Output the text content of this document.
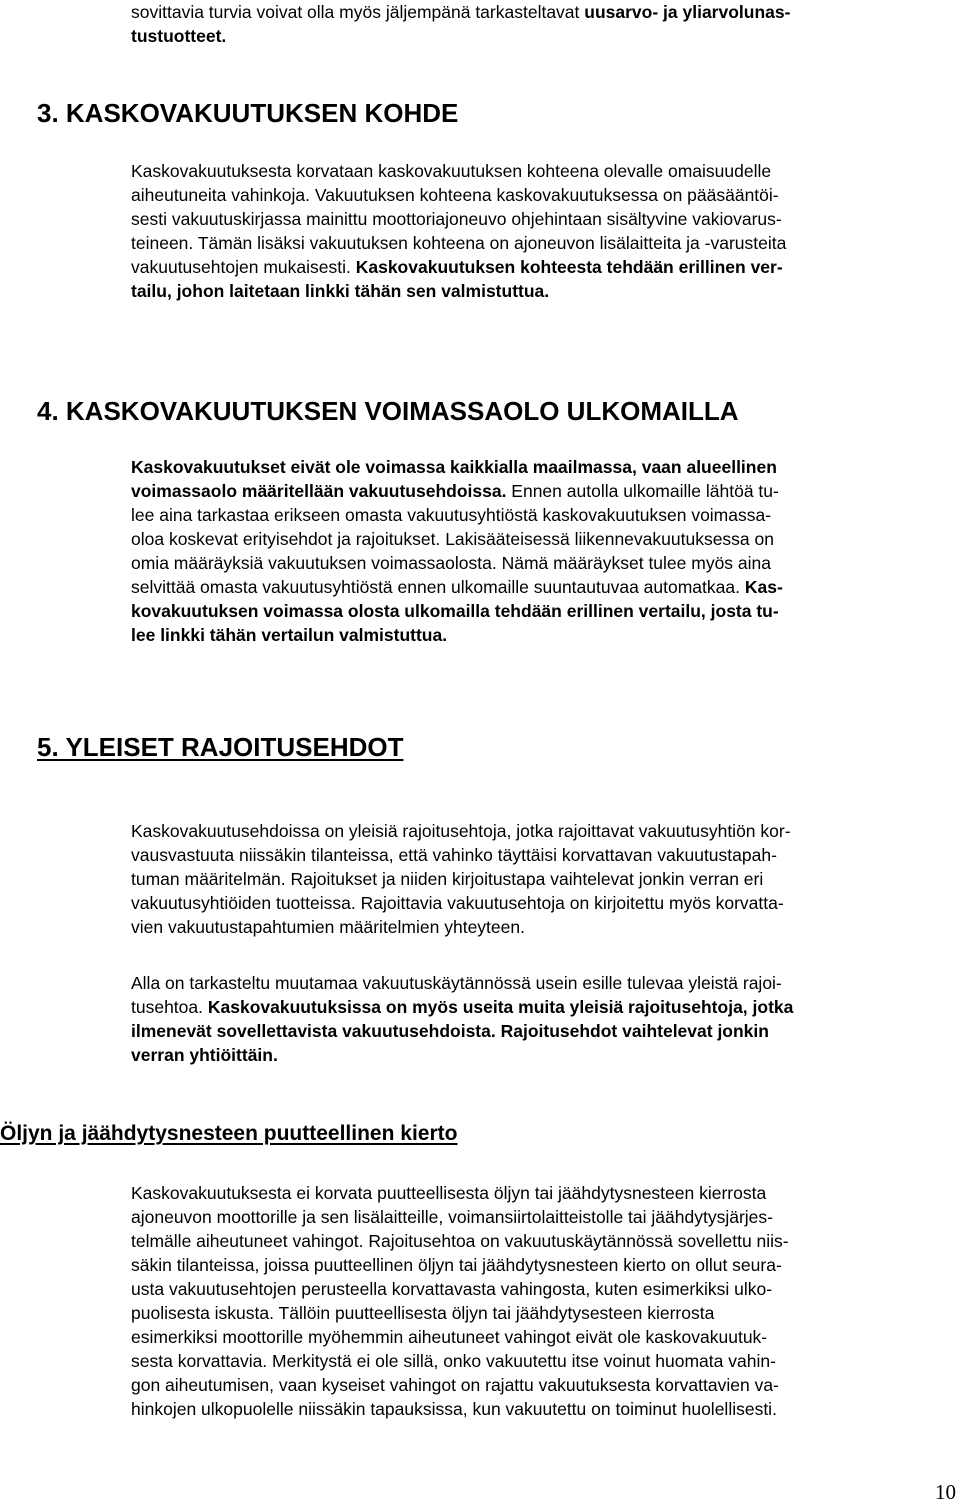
sovittavia turvia voivat olla myös jäljempänä tarkasteltavat uusarvo- ja yliarvolunas-
tustuotteet.
3. KASKOVAKUUTUKSEN KOHDE
Kaskovakuutuksesta korvataan kaskovakuutuksen kohteena olevalle omaisuudelle
aiheutuneita vahinkoja. Vakuutuksen kohteena kaskovakuutuksessa on pääsääntöi-
sesti vakuutuskirjassa mainittu moottoriajoneuvo ohjehintaan sisältyvine vakiovarus-
teineen. Tämän lisäksi vakuutuksen kohteena on ajoneuvon lisälaitteita ja -varusteita
vakuutusehtojen mukaisesti. Kaskovakuutuksen kohteesta tehdään erillinen ver-
tailu, johon laitetaan linkki tähän sen valmistuttua.
4. KASKOVAKUUTUKSEN VOIMASSAOLO ULKOMAILLA
Kaskovakuutukset eivät ole voimassa kaikkialla maailmassa, vaan alueellinen
voimassaolo määritellään vakuutusehdoissa. Ennen autolla ulkomaille lähtöä tu-
lee aina tarkastaa erikseen omasta vakuutusyhtiöstä kaskovakuutuksen voimassa-
oloa koskevat erityisehdot ja rajoitukset. Lakisääteisessä liikennevakuutuksessa on
omia määräyksiä vakuutuksen voimassaolosta. Nämä määräykset tulee myös aina
selvittää omasta vakuutusyhtiöstä ennen ulkomaille suuntautuvaa automatkaa. Kas-
kovakuutuksen voimassa olosta ulkomailla tehdään erillinen vertailu, josta tu-
lee linkki tähän vertailun valmistuttua.
5. YLEISET RAJOITUSEHDOT
Kaskovakuutusehdoissa on yleisiä rajoitusehtoja, jotka rajoittavat vakuutusyhtiön kor-
vausvastuuta niissäkin tilanteissa, että vahinko täyttäisi korvattavan vakuutustapah-
tuman määritelmän. Rajoitukset ja niiden kirjoitustapa vaihtelevat jonkin verran eri
vakuutusyhtiöiden tuotteissa. Rajoittavia vakuutusehtoja on kirjoitettu myös korvatta-
vien vakuutustapahtumien määritelmien yhteyteen.
Alla on tarkasteltu muutamaa vakuutuskäytännössä usein esille tulevaa yleistä rajoi-
tusehtoa. Kaskovakuutuksissa on myös useita muita yleisiä rajoitusehtoja, jotka
ilmenevät sovellettavista vakuutusehdoista. Rajoitusehdot vaihtelevat jonkin
verran yhtiöittäin.
Öljyn ja jäähdytysnesteen puutteellinen kierto
Kaskovakuutuksesta ei korvata puutteellisesta öljyn tai jäähdytysnesteen kierrosta
ajoneuvon moottorille ja sen lisälaitteille, voimansiirtolaitteistolle tai jäähdytysjärjes-
telmälle aiheutuneet vahingot. Rajoitusehtoa on vakuutuskäytännössä sovellettu niis-
säkin tilanteissa, joissa puutteellinen öljyn tai jäähdytysnesteen kierto on ollut seura-
usta vakuutusehtojen perusteella korvattavasta vahingosta, kuten esimerkiksi ulko-
puolisesta iskusta. Tällöin puutteellisesta öljyn tai jäähdytysesteen kierrosta
esimerkiksi moottorille myöhemmin aiheutuneet vahingot eivät ole kaskovakuutuk-
sesta korvattavia. Merkitystä ei ole sillä, onko vakuutettu itse voinut huomata vahin-
gon aiheutumisen, vaan kyseiset vahingot on rajattu vakuutuksesta korvattavien va-
hinkojen ulkopuolelle niissäkin tapauksissa, kun vakuutettu on toiminut huolellisesti.

10
